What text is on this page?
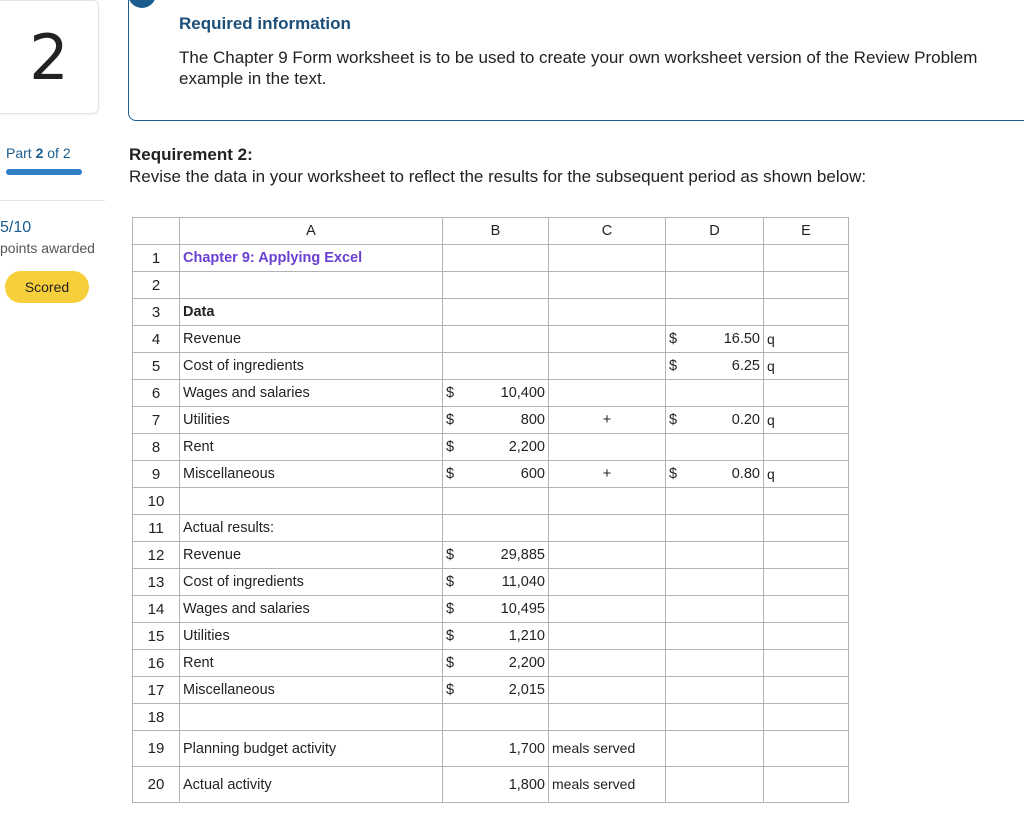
2	Required information
The Chapter 9 Form worksheet is to be used to create your own worksheet version of the Review Problem example in the text.
Part 2 of 2
5/10
points awarded
Scored
Requirement 2:
Revise the data in your worksheet to reflect the results for the subsequent period as shown below:
	A	B	C	D	E
1	Chapter 9: Applying Excel				
2					
3	Data				
4	Revenue			$ 16.50	q
5	Cost of ingredients			$ 6.25	q
6	Wages and salaries	$ 10,400			

7	Utilities	$ 800	+	$ 0.20	q
8	Rent	$ 2,200			

9	Miscellaneous	$ 600	+	$ 0.80	q
10					
11	Actual results:				
12	Revenue	$ 29,885			

13	Cost of ingredients	$ 11,040			

14	Wages and salaries	$ 10,495			

15	Utilities	$ 1,210			

16	Rent	$ 2,200			

17	Miscellaneous	$ 2,015			

18					
19	Planning budget activity	1,700	meals served		
20	Actual activity	1,800	meals served		
